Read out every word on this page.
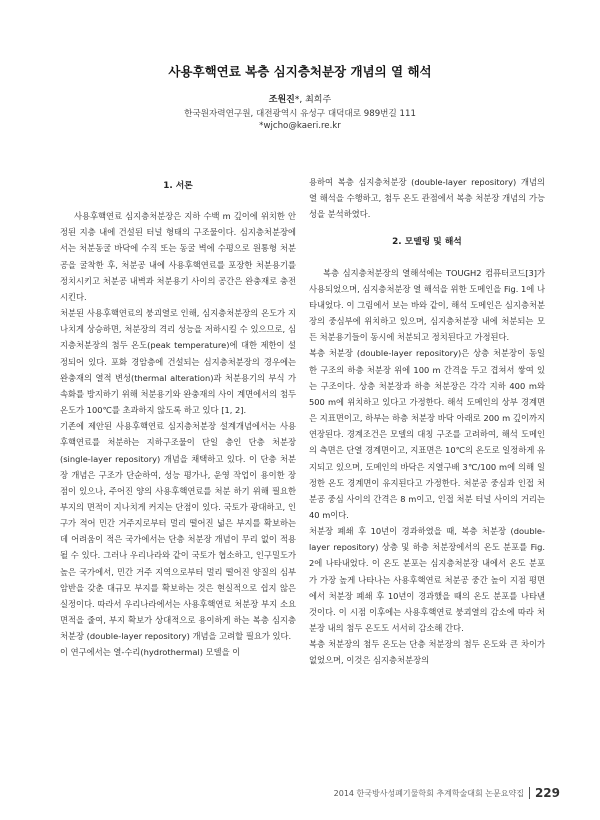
사용후핵연료 복층 심지층처분장 개념의 열 해석
조원진*, 최희주
한국원자력연구원, 대전광역시 유성구 대덕대로 989번길 111
*wjcho@kaeri.re.kr
1. 서론

사용후핵연료 심지층처분장은 지하 수백 m 깊이에 위치한 안정된 지층 내에 건설된 터널 형태의 구조물이다. 심지층처분장에서는 처분동굴 바닥에 수직 또는 동굴 벽에 수평으로 원통형 처분공을 굴착한 후, 처분공 내에 사용후핵연료를 포장한 처분용기를 정치시키고 처분공 내벽과 처분용기 사이의 공간은 완충재로 충전시킨다.

처분된 사용후핵연료의 붕괴열로 인해, 심지층처분장의 온도가 지나치게 상승하면, 처분장의 격리 성능을 저하시킬 수 있으므로, 심지층처분장의 첨두 온도(peak temperature)에 대한 제한이 설정되어 있다. 포화 경암층에 건설되는 심지층처분장의 경우에는 완충재의 열적 변성(thermal alteration)과 처분용기의 부식 가속화를 방지하기 위해 처분용기와 완충재의 사이 계면에서의 첨두 온도가 100℃를 초과하지 않도록 하고 있다 [1, 2].

기존에 제안된 사용후핵연료 심지층처분장 설계개념에서는 사용후핵연료를 처분하는 지하구조물이 단일 층인 단층 처분장 (single-layer repository) 개념을 채택하고 있다. 이 단층 처분장 개념은 구조가 단순하여, 성능 평가나, 운영 작업이 용이한 장점이 있으나, 주어진 양의 사용후핵연료를 처분 하기 위해 필요한 부지의 면적이 지나치게 커지는 단점이 있다. 국토가 광대하고, 인구가 적어 민간 거주지로부터 멀리 떨어진 넓은 부지를 확보하는데 어려움이 적은 국가에서는 단층 처분장 개념이 무리 없이 적용될 수 있다. 그러나 우리나라와 같이 국토가 협소하고, 인구밀도가 높은 국가에서, 민간 거주 지역으로부터 멀리 떨어진 양질의 심부암반을 갖춘 대규모 부지를 확보하는 것은 현실적으로 쉽지 않은 실정이다. 따라서 우리나라에서는 사용후핵연료 처분장 부지 소요면적을 줄여, 부지 확보가 상대적으로 용이하게 하는 복층 심지층처분장 (double-layer repository) 개념을 고려할 필요가 있다.

이 연구에서는 열-수리(hydrothermal) 모델을 이

용하여 복층 심지층처분장 (double-layer repository) 개념의 열 해석을 수행하고, 첨두 온도 관점에서 복층 처분장 개념의 가능성을 분석하였다.

2. 모델링 및 해석

복층 심지층처분장의 열해석에는 TOUGH2 컴퓨터코드[3]가 사용되었으며, 심지층처분장 열 해석을 위한 도메인을 Fig. 1에 나타내었다. 이 그림에서 보는 바와 같이, 해석 도메인은 심지층처분장의 중심부에 위치하고 있으며, 심지층처분장 내에 처분되는 모든 처분용기들이 동시에 처분되고 정치된다고 가정된다.

복층 처분장 (double-layer repository)은 상층 처분장이 동일한 구조의 하층 처분장 위에 100 m 간격을 두고 겹쳐서 쌓여 있는 구조이다. 상층 처분장과 하층 처분장은 각각 지하 400 m와 500 m에 위치하고 있다고 가정한다. 해석 도메인의 상부 경계면은 지표면이고, 하부는 하층 처분장 바닥 아래로 200 m 깊이까지 연장된다. 경계조건은 모델의 대칭 구조를 고려하여, 해석 도메인의 측면은 단열 경계면이고, 지표면은 10℃의 온도로 일정하게 유지되고 있으며, 도메인의 바닥은 지열구배 3℃/100 m에 의해 일정한 온도 경계면이 유지된다고 가정한다. 처분공 중심과 인접 처분공 중심 사이의 간격은 8 m이고, 인접 처분 터널 사이의 거리는 40 m이다.

처분장 폐쇄 후 10년이 경과하였을 때, 복층 처분장 (double-layer repository) 상층 및 하층 처분장에서의 온도 분포를 Fig. 2에 나타내었다. 이 온도 분포는 심지층처분장 내에서 온도 분포가 가장 높게 나타나는 사용후핵연료 처분공 중간 높이 지점 평면에서 처분장 폐쇄 후 10년이 경과했을 때의 온도 분포를 나타낸 것이다. 이 시점 이후에는 사용후핵연료 붕괴열의 감소에 따라 처분장 내의 첨두 온도도 서서히 감소해 간다.

복층 처분장의 첨두 온도는 단층 처분장의 첨두 온도와 큰 차이가 없었으며, 이것은 심지층처분장의

2014 한국방사성폐기물학회 추계학술대회 논문요약집 229
